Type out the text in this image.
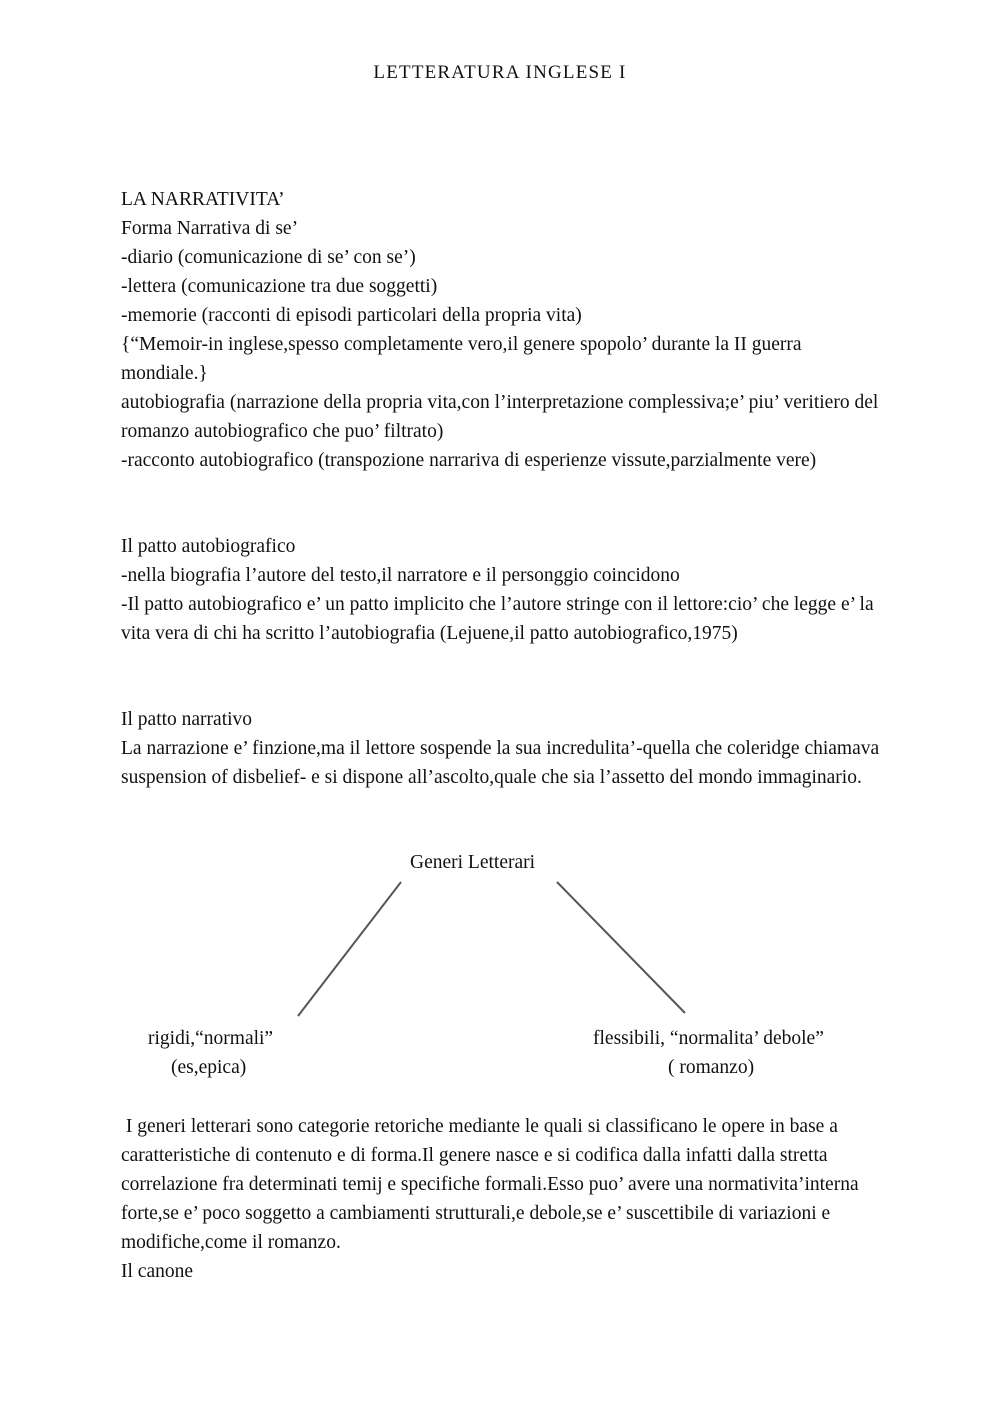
LETTERATURA INGLESE I

LA NARRATIVITA’

Forma Narrativa di se’

-diario (comunicazione di se’ con se’)

-lettera (comunicazione tra due soggetti)

-memorie (racconti di episodi particolari della propria vita)

{“Memoir-in inglese,spesso completamente vero,il genere spopolo’ durante la II guerra mondiale.}

autobiografia (narrazione della propria vita,con l’interpretazione complessiva;e’ piu’ veritiero del romanzo autobiografico che puo’ filtrato)

-racconto autobiografico (transpozione narrariva di esperienze vissute,parzialmente vere)

Il patto autobiografico

-nella biografia l’autore del testo,il narratore e il personggio coincidono

-Il patto autobiografico e’ un patto implicito che l’autore stringe con il lettore:cio’ che legge e’ la vita vera di chi ha scritto l’autobiografia (Lejuene,il patto autobiografico,1975)

Il patto narrativo

La narrazione e’ finzione,ma il lettore sospende la sua incredulita’-quella che coleridge chiamava suspension of disbelief- e si dispone all’ascolto,quale che sia l’assetto del mondo immaginario.

Generi Letterari
rigidi,“normali”
(es,epica)
flessibili, “normalita’ debole”
( romanzo)

I generi letterari sono categorie retoriche mediante le quali si classificano le opere in base a caratteristiche di contenuto e di forma.Il genere nasce e si codifica dalla infatti dalla stretta correlazione fra determinati temij e specifiche formali.Esso puo’ avere una normativita’interna forte,se e’ poco soggetto a cambiamenti strutturali,e debole,se e’ suscettibile di variazioni e modifiche,come il romanzo.

Il canone
